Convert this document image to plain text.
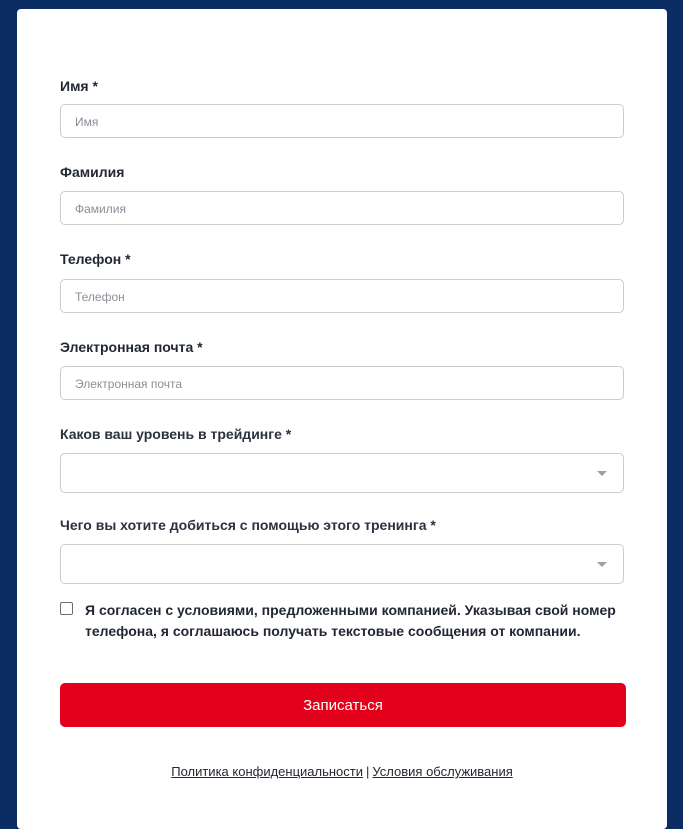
Имя *
Имя
Фамилия
Фамилия
Телефон *
Телефон
Электронная почта *
Электронная почта
Каков ваш уровень в трейдинге *
Чего вы хотите добиться с помощью этого тренинга *
Я согласен с условиями, предложенными компанией. Указывая свой номер телефона, я соглашаюсь получать текстовые сообщения от компании.
Записаться
Политика конфиденциальности | Условия обслуживания
